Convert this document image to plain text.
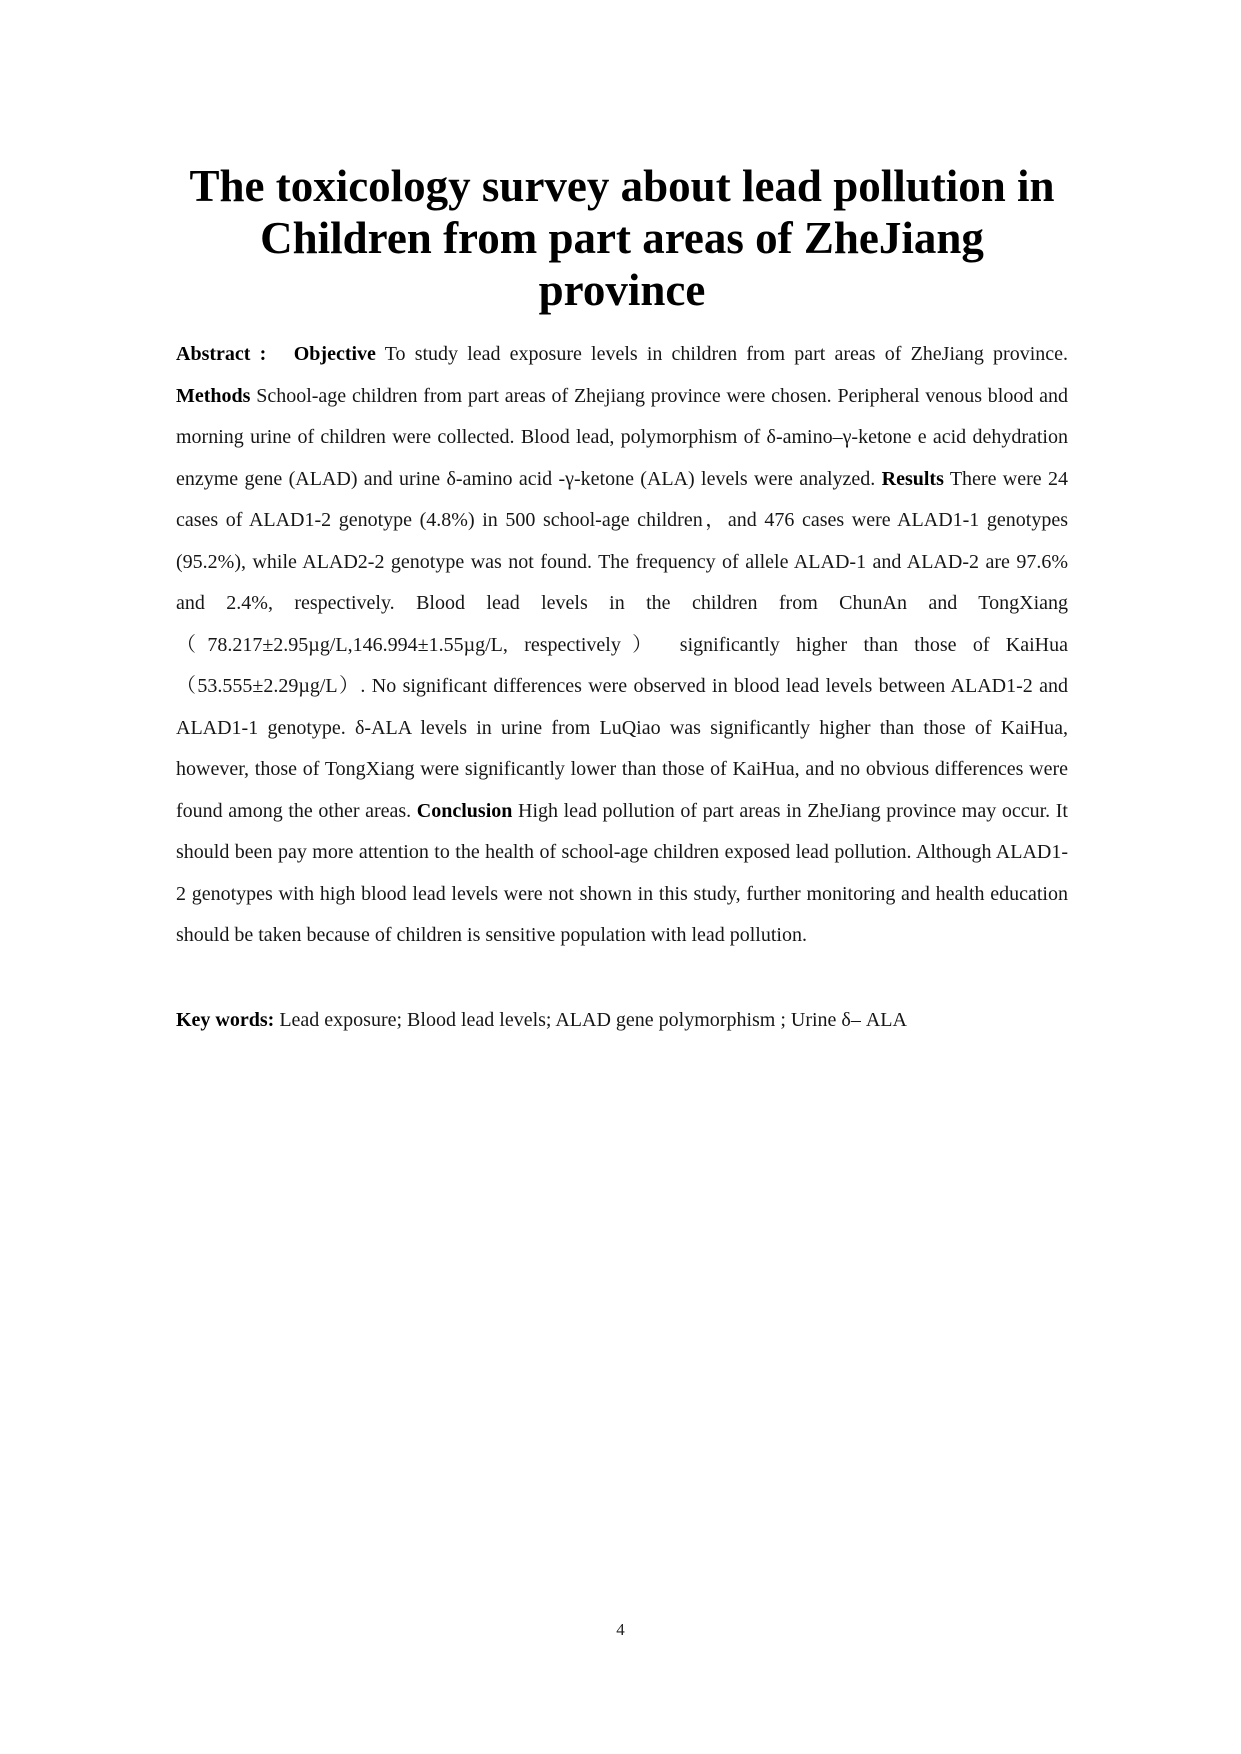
The toxicology survey about lead pollution in
Children from part areas of ZheJiang
province

Abstract : Objective To study lead exposure levels in children from part areas of ZheJiang province. Methods School-age children from part areas of Zhejiang province were chosen. Peripheral venous blood and morning urine of children were collected. Blood lead, polymorphism of δ-amino–γ-ketone e acid dehydration enzyme gene (ALAD) and urine δ-amino acid -γ-ketone (ALA) levels were analyzed. Results There were 24 cases of ALAD1-2 genotype (4.8%) in 500 school-age children，and 476 cases were ALAD1-1 genotypes (95.2%), while ALAD2-2 genotype was not found. The frequency of allele ALAD-1 and ALAD-2 are 97.6% and 2.4%, respectively. Blood lead levels in the children from ChunAn and TongXiang （78.217±2.95µg/L,146.994±1.55µg/L, respectively） significantly higher than those of KaiHua （53.555±2.29µg/L）. No significant differences were observed in blood lead levels between ALAD1-2 and ALAD1-1 genotype. δ-ALA levels in urine from LuQiao was significantly higher than those of KaiHua, however, those of TongXiang were significantly lower than those of KaiHua, and no obvious differences were found among the other areas. Conclusion High lead pollution of part areas in ZheJiang province may occur. It should been pay more attention to the health of school-age children exposed lead pollution. Although ALAD1-2 genotypes with high blood lead levels were not shown in this study, further monitoring and health education should be taken because of children is sensitive population with lead pollution.

Key words: Lead exposure; Blood lead levels; ALAD gene polymorphism ; Urine δ– ALA

4
